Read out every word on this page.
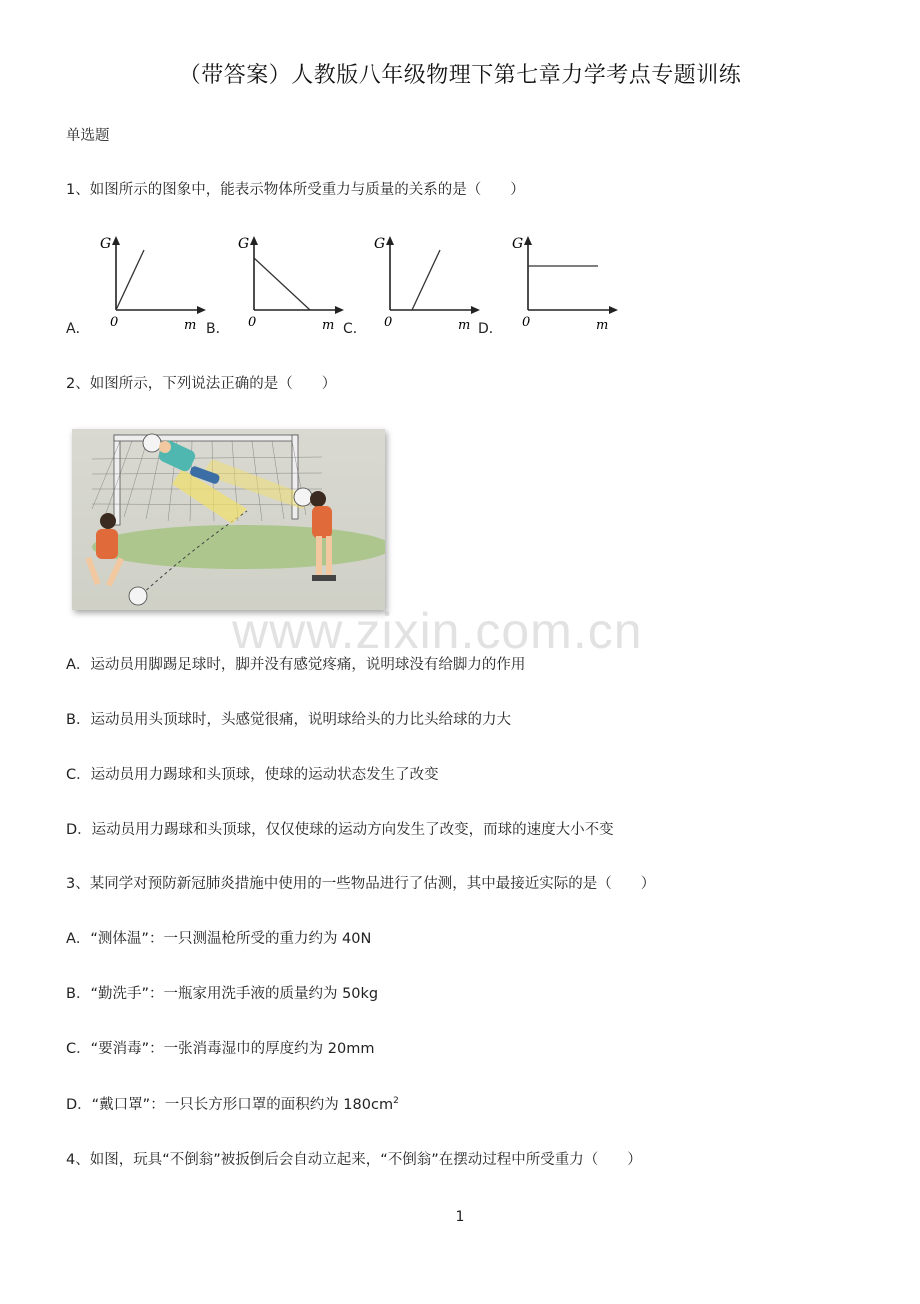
（带答案）人教版八年级物理下第七章力学考点专题训练
单选题
1、如图所示的图象中，能表示物体所受重力与质量的关系的是（　　）
A．
G
0	m B．
G
0	m C．
G
0	m D．
G
0	m
2、如图所示，下列说法正确的是（　　）
www.zixin.com.cn
A．运动员用脚踢足球时，脚并没有感觉疼痛，说明球没有给脚力的作用
B．运动员用头顶球时，头感觉很痛，说明球给头的力比头给球的力大
C．运动员用力踢球和头顶球，使球的运动状态发生了改变
D．运动员用力踢球和头顶球，仅仅使球的运动方向发生了改变，而球的速度大小不变
3、某同学对预防新冠肺炎措施中使用的一些物品进行了估测，其中最接近实际的是（　　）
A．“测体温”：一只测温枪所受的重力约为 40N
B．“勤洗手”：一瓶家用洗手液的质量约为 50kg
C．“要消毒”：一张消毒湿巾的厚度约为 20mm
D．“戴口罩”：一只长方形口罩的面积约为 $180cm^2$
4、如图，玩具“不倒翁”被扳倒后会自动立起来，“不倒翁”在摆动过程中所受重力（　　）
1
